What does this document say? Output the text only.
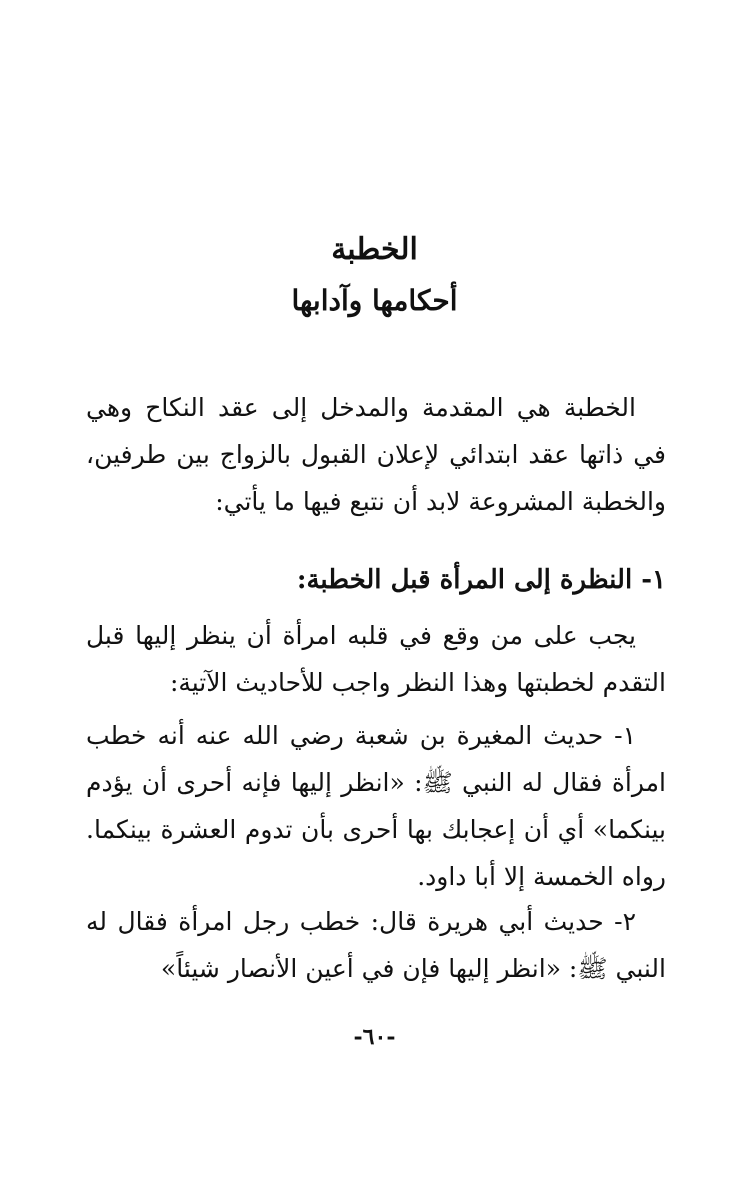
الخطبة
أحكامها وآدابها

الخطبة هي المقدمة والمدخل إلى عقد النكاح وهي في ذاتها عقد ابتدائي لإعلان القبول بالزواج بين طرفين، والخطبة المشروعة لابد أن نتبع فيها ما يأتي:

١- النظرة إلى المرأة قبل الخطبة:

يجب على من وقع في قلبه امرأة أن ينظر إليها قبل التقدم لخطبتها وهذا النظر واجب للأحاديث الآتية:

١- حديث المغيرة بن شعبة رضي الله عنه أنه خطب امرأة فقال له النبي ﷺ: «انظر إليها فإنه أحرى أن يؤدم بينكما» أي أن إعجابك بها أحرى بأن تدوم العشرة بينكما. رواه الخمسة إلا أبا داود.

٢- حديث أبي هريرة قال: خطب رجل امرأة فقال له النبي ﷺ: «انظر إليها فإن في أعين الأنصار شيئاً»

-٦٠-
